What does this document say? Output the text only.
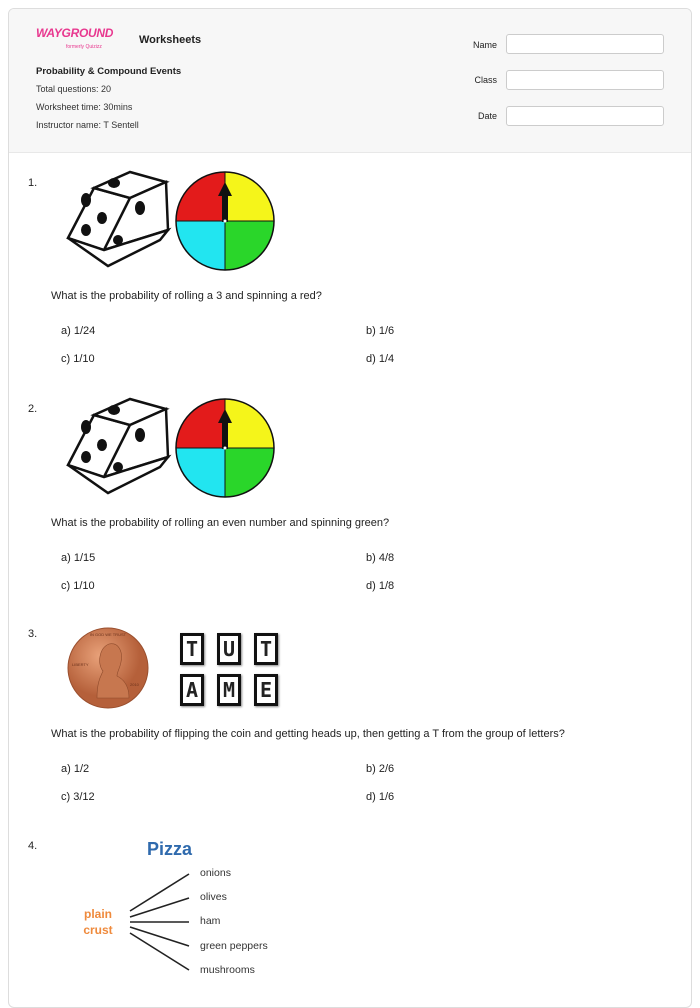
WAYGROUND
formerly Quizizz
Worksheets
Probability & Compound Events
Total questions: 20
Worksheet time: 30mins
Instructor name: T Sentell
Name
Class
Date
1.
What is the probability of rolling a 3 and spinning a red?
a) 1/24	b) 1/6
c) 1/10	d) 1/4
2.
What is the probability of rolling an even number and spinning green?
a) 1/15	b) 4/8
c) 1/10	d) 1/8
3.	IN GOD WE TRUST
LIBERTY
2010
T U T
A M E
What is the probability of flipping the coin and getting heads up, then getting a T from the group of letters?
a) 1/2	b) 2/6
c) 3/12	d) 1/6
4.	Pizza
plain
crust
onions
olives
ham
green peppers
mushrooms
